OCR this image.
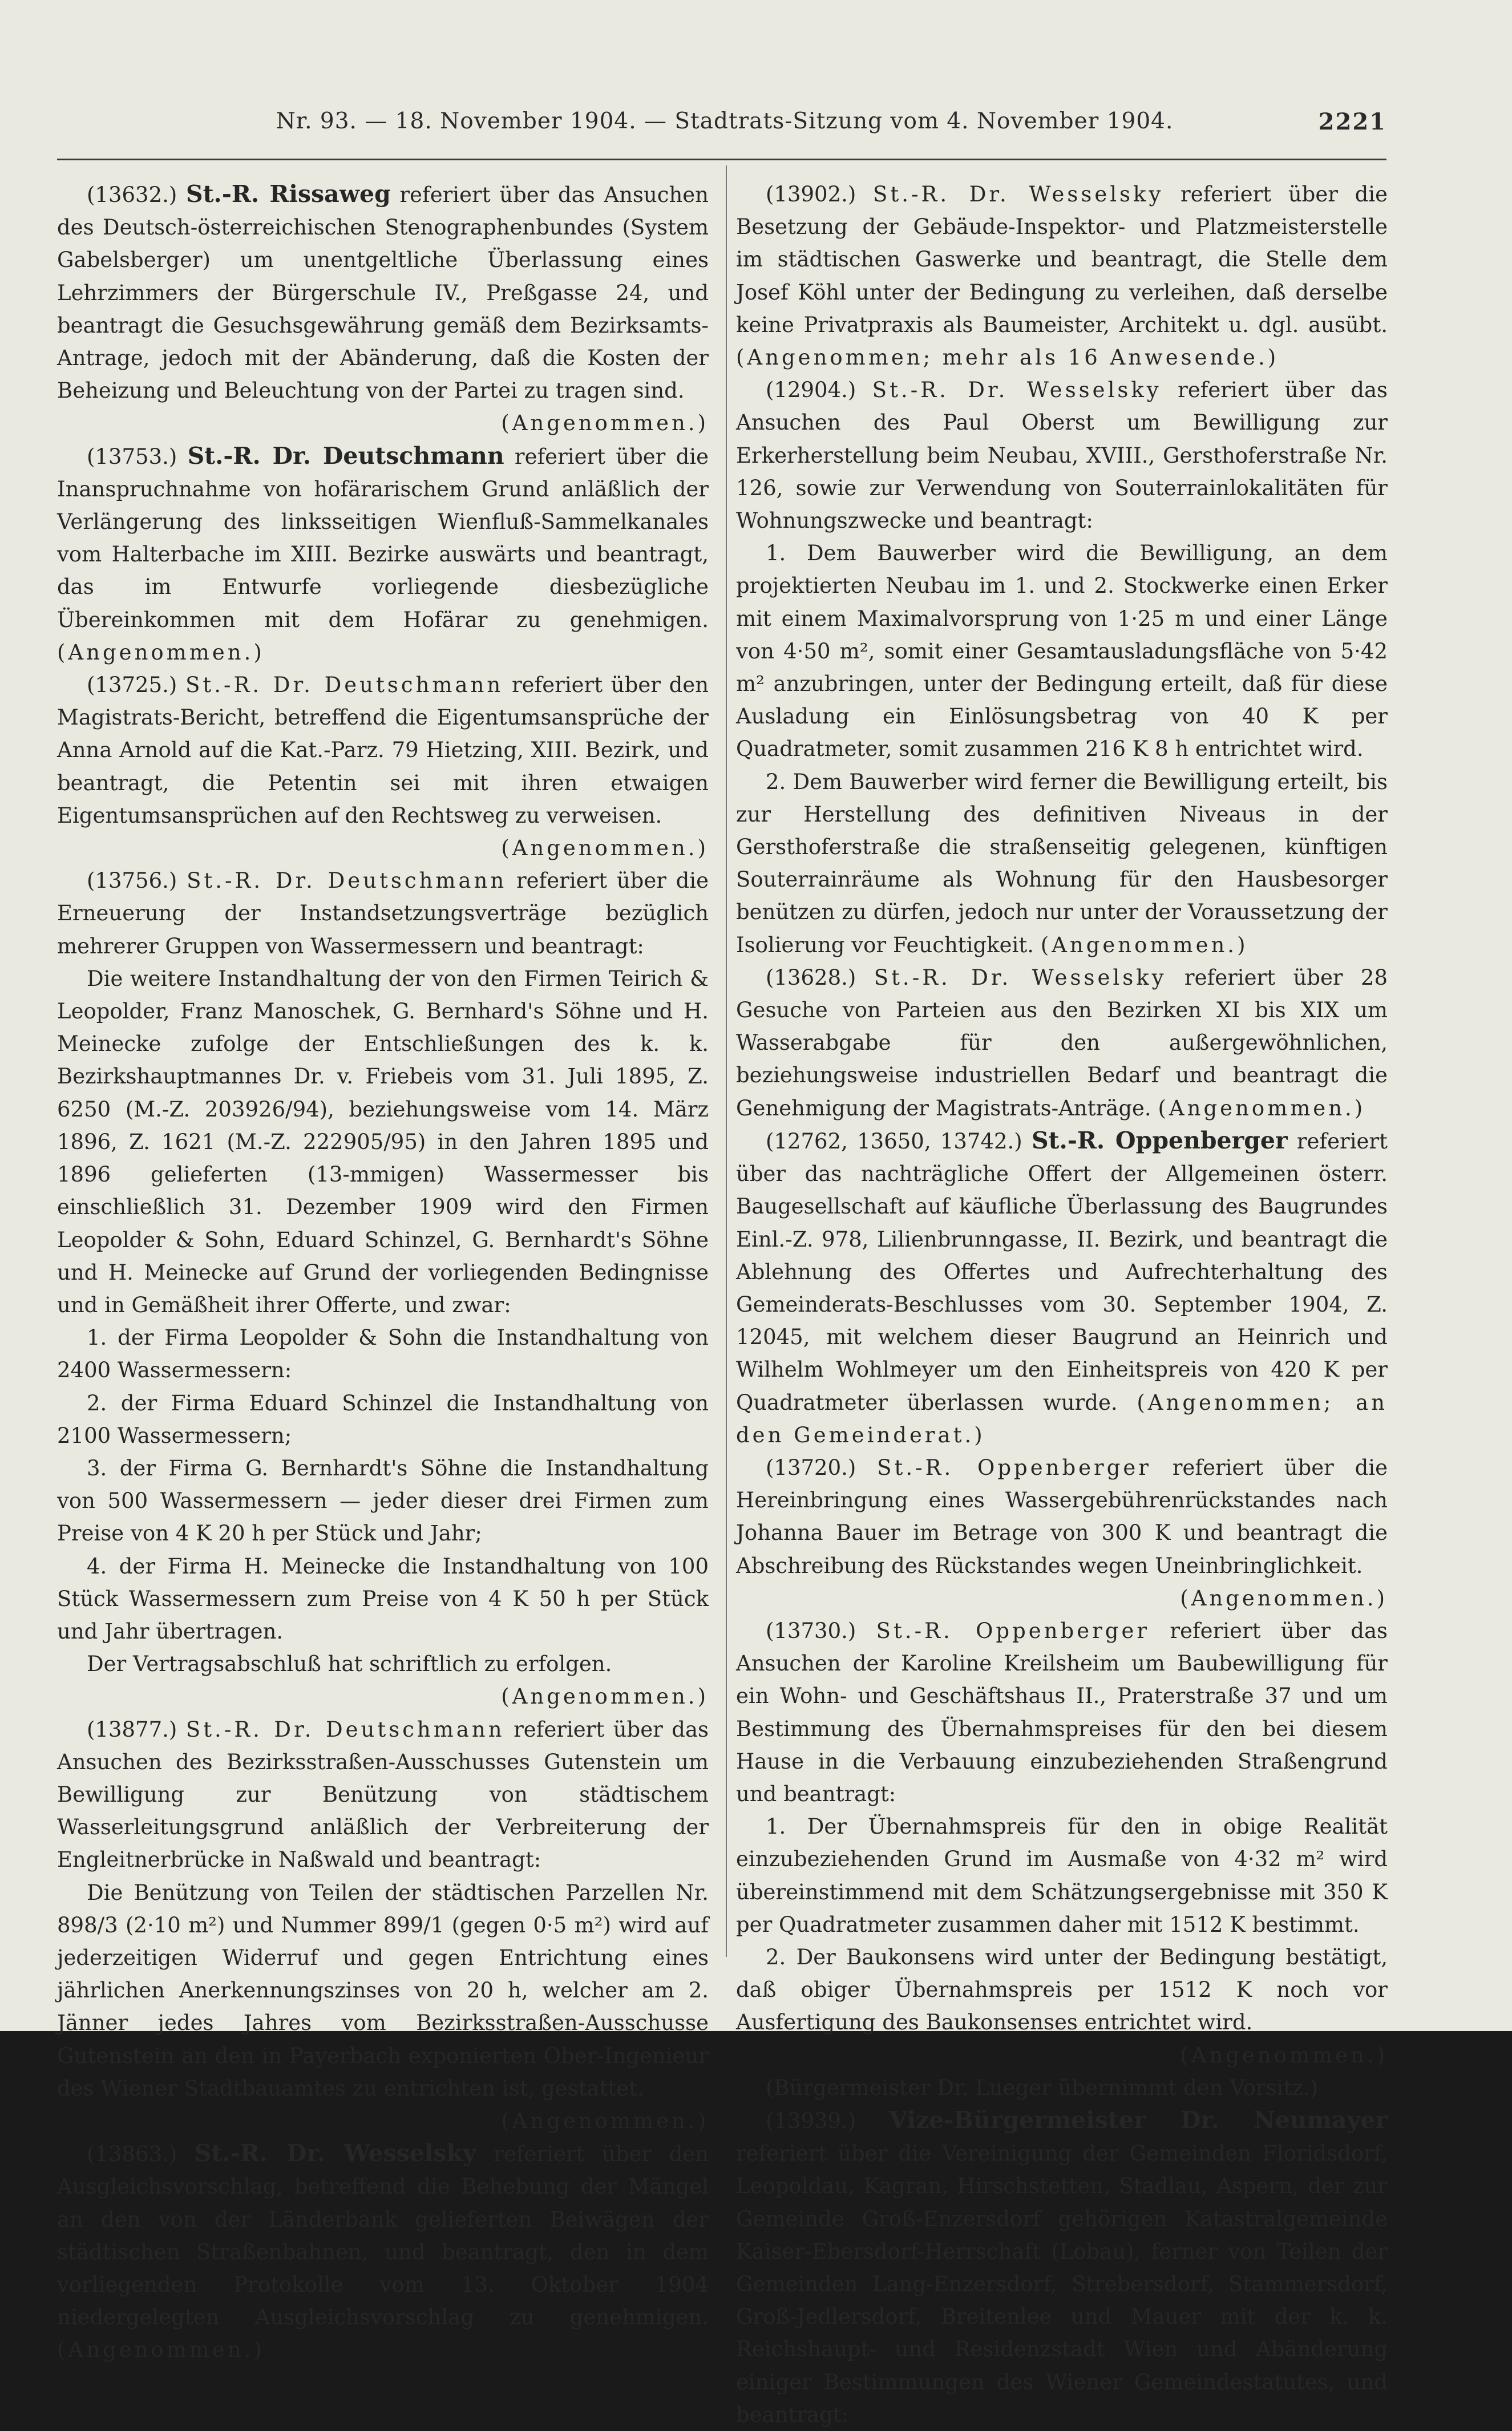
Nr. 93. — 18. November 1904. — Stadtrats-Sitzung vom 4. November 1904.	2221

(13632.) St.-R. Rissaweg referiert über das Ansuchen des Deutsch-österreichischen Stenographenbundes (System Gabelsberger) um unentgeltliche Überlassung eines Lehrzimmers der Bürgerschule IV., Preßgasse 24, und beantragt die Gesuchsgewährung gemäß dem Bezirksamts-Antrage, jedoch mit der Abänderung, daß die Kosten der Beheizung und Beleuchtung von der Partei zu tragen sind.
(Angenommen.)

(13753.) St.-R. Dr. Deutschmann referiert über die Inanspruchnahme von hofärarischem Grund anläßlich der Verlängerung des linksseitigen Wienfluß-Sammelkanales vom Halterbache im XIII. Bezirke auswärts und beantragt, das im Entwurfe vorliegende diesbezügliche Übereinkommen mit dem Hofärar zu genehmigen. (Angenommen.)

(13725.) St.-R. Dr. Deutschmann referiert über den Magistrats-Bericht, betreffend die Eigentumsansprüche der Anna Arnold auf die Kat.-Parz. 79 Hietzing, XIII. Bezirk, und beantragt, die Petentin sei mit ihren etwaigen Eigentumsansprüchen auf den Rechtsweg zu verweisen.
(Angenommen.)

(13756.) St.-R. Dr. Deutschmann referiert über die Erneuerung der Instandsetzungsverträge bezüglich mehrerer Gruppen von Wassermessern und beantragt:

Die weitere Instandhaltung der von den Firmen Teirich & Leopolder, Franz Manoschek, G. Bernhard's Söhne und H. Meinecke zufolge der Entschließungen des k. k. Bezirkshauptmannes Dr. v. Friebeis vom 31. Juli 1895, Z. 6250 (M.-Z. 203926/94), beziehungsweise vom 14. März 1896, Z. 1621 (M.-Z. 222905/95) in den Jahren 1895 und 1896 gelieferten (13-mmigen) Wassermesser bis einschließlich 31. Dezember 1909 wird den Firmen Leopolder & Sohn, Eduard Schinzel, G. Bernhardt's Söhne und H. Meinecke auf Grund der vorliegenden Bedingnisse und in Gemäßheit ihrer Offerte, und zwar:

1. der Firma Leopolder & Sohn die Instandhaltung von 2400 Wassermessern:

2. der Firma Eduard Schinzel die Instandhaltung von 2100 Wassermessern;

3. der Firma G. Bernhardt's Söhne die Instandhaltung von 500 Wassermessern — jeder dieser drei Firmen zum Preise von 4 K 20 h per Stück und Jahr;

4. der Firma H. Meinecke die Instandhaltung von 100 Stück Wassermessern zum Preise von 4 K 50 h per Stück und Jahr übertragen.

Der Vertragsabschluß hat schriftlich zu erfolgen.

(Angenommen.)

(13877.) St.-R. Dr. Deutschmann referiert über das Ansuchen des Bezirksstraßen-Ausschusses Gutenstein um Bewilligung zur Benützung von städtischem Wasserleitungsgrund anläßlich der Verbreiterung der Engleitnerbrücke in Naßwald und beantragt:

Die Benützung von Teilen der städtischen Parzellen Nr. 898/3 (2·10 m²) und Nummer 899/1 (gegen 0·5 m²) wird auf jederzeitigen Widerruf und gegen Entrichtung eines jährlichen Anerkennungszinses von 20 h, welcher am 2. Jänner jedes Jahres vom Bezirksstraßen-Ausschusse Gutenstein an den in Payerbach exponierten Ober-Ingenieur des Wiener Stadtbauamtes zu entrichten ist, gestattet.

(Angenommen.)

(13863.) St.-R. Dr. Wesselsky referiert über den Ausgleichsvorschlag, betreffend die Behebung der Mängel an den von der Länderbank gelieferten Beiwägen der städtischen Straßenbahnen, und beantragt, den in dem vorliegenden Protokolle vom 13. Oktober 1904 niedergelegten Ausgleichsvorschlag zu genehmigen. (Angenommen.)

(13902.) St.-R. Dr. Wesselsky referiert über die Besetzung der Gebäude-Inspektor- und Platzmeisterstelle im städtischen Gaswerke und beantragt, die Stelle dem Josef Köhl unter der Bedingung zu verleihen, daß derselbe keine Privatpraxis als Baumeister, Architekt u. dgl. ausübt. (Angenommen; mehr als 16 Anwesende.)

(12904.) St.-R. Dr. Wesselsky referiert über das Ansuchen des Paul Oberst um Bewilligung zur Erkerherstellung beim Neubau, XVIII., Gersthoferstraße Nr. 126, sowie zur Verwendung von Souterrainlokalitäten für Wohnungszwecke und beantragt:

1. Dem Bauwerber wird die Bewilligung, an dem projektierten Neubau im 1. und 2. Stockwerke einen Erker mit einem Maximalvorsprung von 1·25 m und einer Länge von 4·50 m², somit einer Gesamtausladungsfläche von 5·42 m² anzubringen, unter der Bedingung erteilt, daß für diese Ausladung ein Einlösungsbetrag von 40 K per Quadratmeter, somit zusammen 216 K 8 h entrichtet wird.

2. Dem Bauwerber wird ferner die Bewilligung erteilt, bis zur Herstellung des definitiven Niveaus in der Gersthoferstraße die straßenseitig gelegenen, künftigen Souterrainräume als Wohnung für den Hausbesorger benützen zu dürfen, jedoch nur unter der Voraussetzung der Isolierung vor Feuchtigkeit. (Angenommen.)

(13628.) St.-R. Dr. Wesselsky referiert über 28 Gesuche von Parteien aus den Bezirken XI bis XIX um Wasserabgabe für den außergewöhnlichen, beziehungsweise industriellen Bedarf und beantragt die Genehmigung der Magistrats-Anträge. (Angenommen.)

(12762, 13650, 13742.) St.-R. Oppenberger referiert über das nachträgliche Offert der Allgemeinen österr. Baugesellschaft auf käufliche Überlassung des Baugrundes Einl.-Z. 978, Lilienbrunngasse, II. Bezirk, und beantragt die Ablehnung des Offertes und Aufrechterhaltung des Gemeinderats-Beschlusses vom 30. September 1904, Z. 12045, mit welchem dieser Baugrund an Heinrich und Wilhelm Wohlmeyer um den Einheitspreis von 420 K per Quadratmeter überlassen wurde. (Angenommen; an den Gemeinderat.)

(13720.) St.-R. Oppenberger referiert über die Hereinbringung eines Wassergebührenrückstandes nach Johanna Bauer im Betrage von 300 K und beantragt die Abschreibung des Rückstandes wegen Uneinbringlichkeit.
(Angenommen.)

(13730.) St.-R. Oppenberger referiert über das Ansuchen der Karoline Kreilsheim um Baubewilligung für ein Wohn- und Geschäftshaus II., Praterstraße 37 und um Bestimmung des Übernahmspreises für den bei diesem Hause in die Verbauung einzubeziehenden Straßengrund und beantragt:

1. Der Übernahmspreis für den in obige Realität einzubeziehenden Grund im Ausmaße von 4·32 m² wird übereinstimmend mit dem Schätzungsergebnisse mit 350 K per Quadratmeter zusammen daher mit 1512 K bestimmt.

2. Der Baukonsens wird unter der Bedingung bestätigt, daß obiger Übernahmspreis per 1512 K noch vor Ausfertigung des Baukonsenses entrichtet wird.
(Angenommen.)

(Bürgermeister Dr. Lueger übernimmt den Vorsitz.)

(13939.) Vize-Bürgermeister Dr. Neumayer referiert über die Vereinigung der Gemeinden Floridsdorf, Leopoldau, Kagran, Hirschstetten, Stadlau, Aspern, der zur Gemeinde Groß-Enzersdorf gehörigen Katastralgemeinde Kaiser-Ebersdorf-Herrschaft (Lobau), ferner von Teilen der Gemeinden Lang-Enzersdorf, Strebersdorf, Stammersdorf, Groß-Jedlersdorf, Breitenlee und Mauer mit der k. k. Reichshaupt- und Residenzstadt Wien und Abänderung einiger Bestimmungen des Wiener Gemeindestatutes, und beantragt:
